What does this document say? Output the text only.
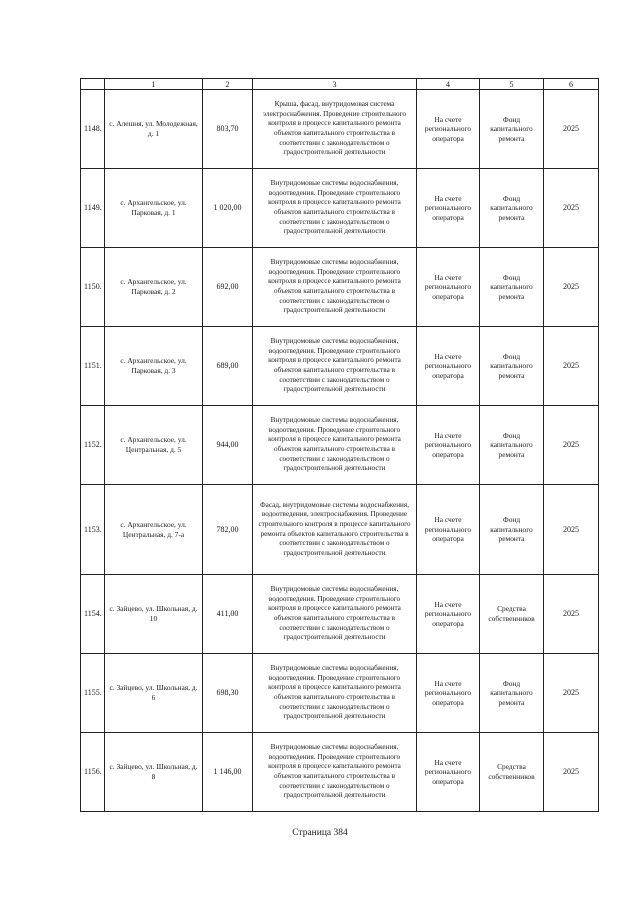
	1	2	3	4	5	6
1148.	с. Алешня, ул. Молодежная, д. 1	803,70	Крыша, фасад, внутридомовая система электроснабжения. Проведение строительного контроля в процессе капитального ремонта объектов капитального строительства в соответствии с законодательством о градостроительной деятельности	На счете регионального оператора	Фонд капитального ремонта	2025
1149.	с. Архангельское, ул. Парковая, д. 1	1 020,00	Внутридомовые системы водоснабжения, водоотведения. Проведение строительного контроля в процессе капитального ремонта объектов капитального строительства в соответствии с законодательством о градостроительной деятельности	На счете регионального оператора	Фонд капитального ремонта	2025
1150.	с. Архангельское, ул. Парковая, д. 2	692,00	Внутридомовые системы водоснабжения, водоотведения. Проведение строительного контроля в процессе капитального ремонта объектов капитального строительства в соответствии с законодательством о градостроительной деятельности	На счете регионального оператора	Фонд капитального ремонта	2025
1151.	с. Архангельское, ул. Парковая, д. 3	689,00	Внутридомовые системы водоснабжения, водоотведения. Проведение строительного контроля в процессе капитального ремонта объектов капитального строительства в соответствии с законодательством о градостроительной деятельности	На счете регионального оператора	Фонд капитального ремонта	2025
1152.	с. Архангельское, ул. Центральная, д. 5	944,00	Внутридомовые системы водоснабжения, водоотведения. Проведение строительного контроля в процессе капитального ремонта объектов капитального строительства в соответствии с законодательством о градостроительной деятельности	На счете регионального оператора	Фонд капитального ремонта	2025
1153.	с. Архангельское, ул. Центральная, д. 7-а	782,00	Фасад, внутридомовые системы водоснабжения, водоотведения, электроснабжения. Проведение строительного контроля в процессе капитального ремонта объектов капитального строительства в соответствии с законодательством о градостроительной деятельности	На счете регионального оператора	Фонд капитального ремонта	2025
1154.	с. Зайцево, ул. Школьная, д. 10	411,00	Внутридомовые системы водоснабжения, водоотведения. Проведение строительного контроля в процессе капитального ремонта объектов капитального строительства в соответствии с законодательством о градостроительной деятельности	На счете регионального оператора	Средства собственников	2025
1155.	с. Зайцево, ул. Школьная, д. 6	698,30	Внутридомовые системы водоснабжения, водоотведения. Проведение строительного контроля в процессе капитального ремонта объектов капитального строительства в соответствии с законодательством о градостроительной деятельности	На счете регионального оператора	Фонд капитального ремонта	2025
1156.	с. Зайцево, ул. Школьная, д. 8	1 146,00	Внутридомовые системы водоснабжения, водоотведения. Проведение строительного контроля в процессе капитального ремонта объектов капитального строительства в соответствии с законодательством о градостроительной деятельности	На счете регионального оператора	Средства собственников	2025
Страница 384
